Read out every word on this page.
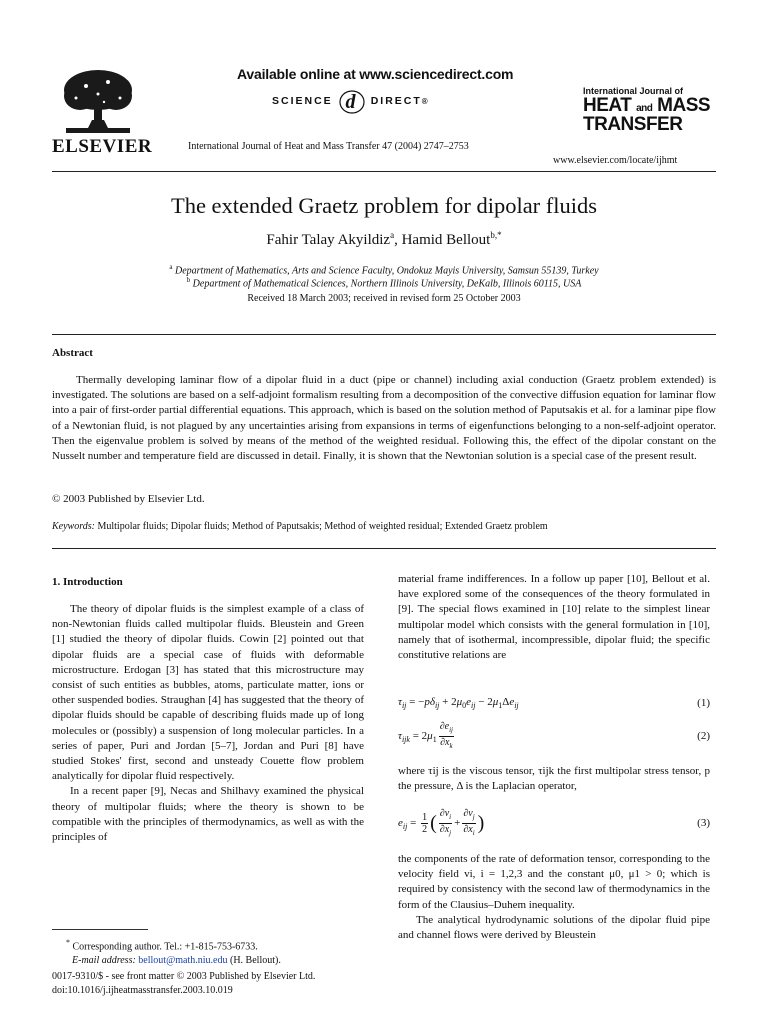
ELSEVIER
Available online at www.sciencedirect.com
SCIENCE d DIRECT ®
International Journal of Heat and Mass Transfer 47 (2004) 2747–2753
International Journal of
HEAT and MASS
TRANSFER
www.elsevier.com/locate/ijhmt
The extended Graetz problem for dipolar fluids
Fahir Talay Akyildiz$^a$, Hamid Bellout$^{b,*}$
$^a$ Department of Mathematics, Arts and Science Faculty, Ondokuz Mayis University, Samsun 55139, Turkey
$^b$ Department of Mathematical Sciences, Northern Illinois University, DeKalb, Illinois 60115, USA
Received 18 March 2003; received in revised form 25 October 2003
Abstract

Thermally developing laminar flow of a dipolar fluid in a duct (pipe or channel) including axial conduction (Graetz problem extended) is investigated. The solutions are based on a self-adjoint formalism resulting from a decomposition of the convective diffusion equation for laminar flow into a pair of first-order partial differential equations. This approach, which is based on the solution method of Paputsakis et al. for a laminar pipe flow of a Newtonian fluid, is not plagued by any uncertainties arising from expansions in terms of eigenfunctions belonging to a non-self-adjoint operator. Then the eigenvalue problem is solved by means of the method of the weighted residual. Following this, the effect of the dipolar constant on the Nusselt number and temperature field are discussed in detail. Finally, it is shown that the Newtonian solution is a special case of the present result.

© 2003 Published by Elsevier Ltd.
Keywords: Multipolar fluids; Dipolar fluids; Method of Paputsakis; Method of weighted residual; Extended Graetz problem
1. Introduction

The theory of dipolar fluids is the simplest example of a class of non-Newtonian fluids called multipolar fluids. Bleustein and Green [1] studied the theory of dipolar fluids. Cowin [2] pointed out that dipolar fluids are a special case of fluids with deformable microstructure. Erdogan [3] has stated that this microstructure may consist of such entities as bubbles, atoms, particulate matter, ions or other suspended bodies. Straughan [4] has suggested that the theory of dipolar fluids should be capable of describing fluids made up of long molecules or (possibly) a suspension of long molecular particles. In a series of paper, Puri and Jordan [5–7], Jordan and Puri [8] have studied Stokes' first, second and unsteady Couette flow problem analytically for dipolar fluid respectively.

In a recent paper [9], Necas and Shilhavy examined the physical theory of multipolar fluids; where the theory is shown to be compatible with the principles of thermodynamics, as well as with the principles of

* Corresponding author. Tel.: +1-815-753-6733.
E-mail address: bellout@math.niu.edu (H. Bellout).
0017-9310/$ - see front matter © 2003 Published by Elsevier Ltd.
doi:10.1016/j.ijheatmasstransfer.2003.10.019

material frame indifferences. In a follow up paper [10], Bellout et al. have explored some of the consequences of the theory formulated in [9]. The special flows examined in [10] relate to the simplest linear multipolar model which consists with the general formulation in [10], namely that of isothermal, incompressible, dipolar fluid; the specific constitutive relations are

$\tau_{ij} = -p\delta_{ij} + 2\mu_0e_{ij} - 2\mu_1\Delta e_{ij}$	(1)
$\tau_{ijk} = 2\mu_1 \frac{\partial e_{ij}}{\partial x_k}$	(2)

where τij is the viscous tensor, τijk the first multipolar stress tensor, p the pressure, Δ is the Laplacian operator,

$e_{ij} = \frac{1}{2}$ ( $\frac{\partial v_i}{\partial x_j} + \frac{\partial v_j}{\partial x_i}$ )	(3)

the components of the rate of deformation tensor, corresponding to the velocity field vi, i = 1,2,3 and the constant μ0, μ1 > 0; which is required by consistency with the second law of thermodynamics in the form of the Clausius–Duhem inequality.

The analytical hydrodynamic solutions of the dipolar fluid pipe and channel flows were derived by Bleustein
